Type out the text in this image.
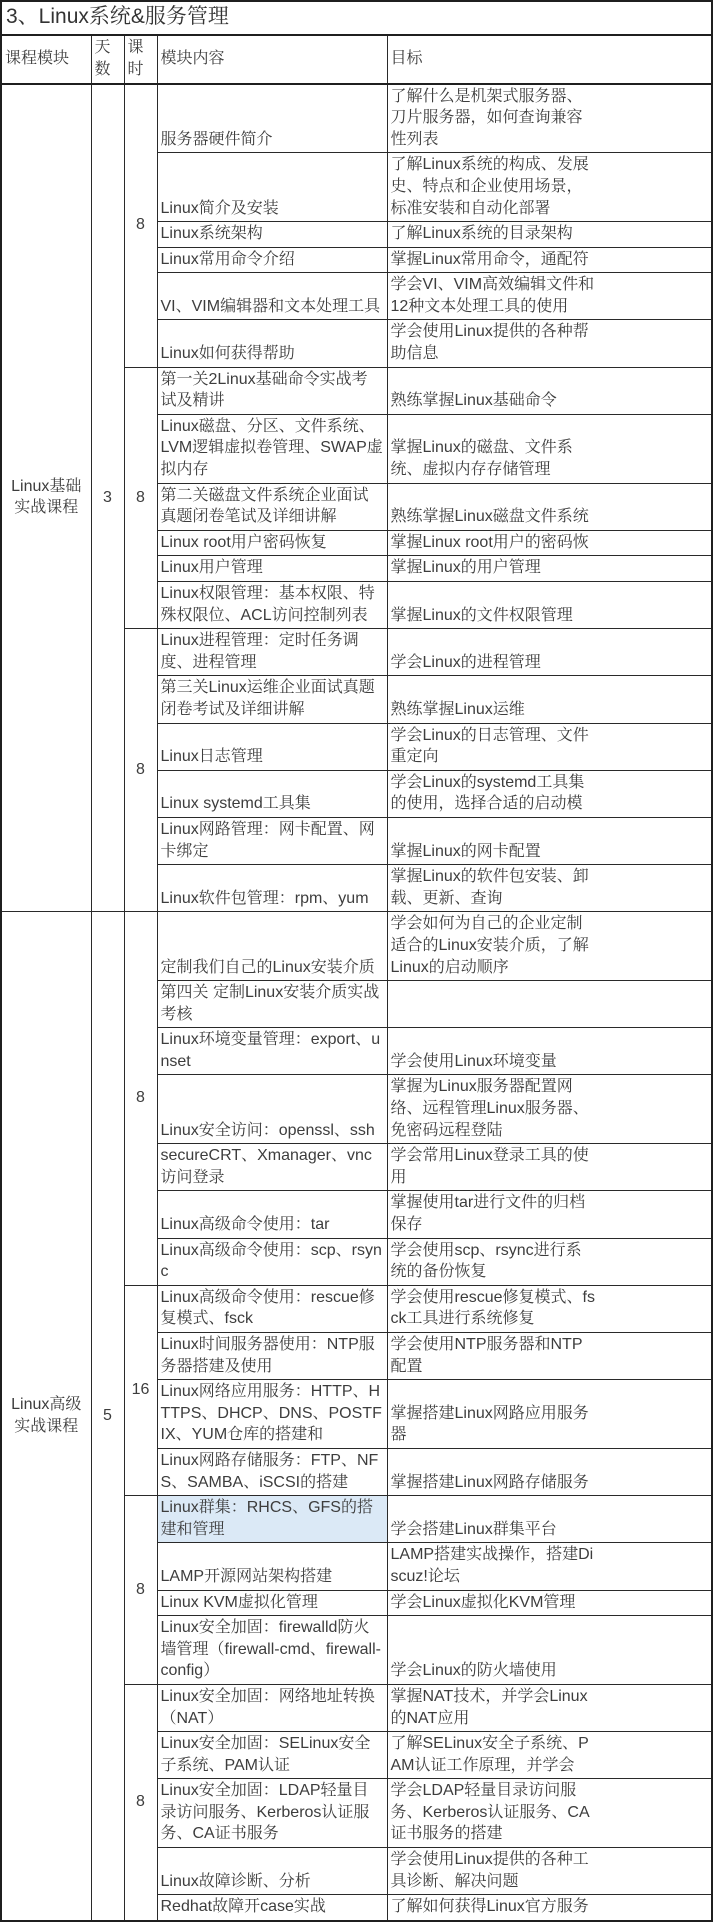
3、Linux系统&服务管理				
课程模块	天数	课时	模块内容	目标
Linux基础实战课程	3	8	服务器硬件简介	了解什么是机架式服务器、刀片服务器，如何查询兼容性列表

			Linux简介及安装	了解Linux系统的构成、发展史、特点和企业使用场景，标准安装和自动化部署

			Linux系统架构	了解Linux系统的目录架构

			Linux常用命令介绍	掌握Linux常用命令，通配符

			VI、VIM编辑器和文本处理工具	学会VI、VIM高效编辑文件和12种文本处理工具的使用

			Linux如何获得帮助	学会使用Linux提供的各种帮助信息

		8	第一关2Linux基础命令实战考试及精讲	熟练掌握Linux基础命令

			Linux磁盘、分区、文件系统、LVM逻辑虚拟卷管理、SWAP虚拟内存	掌握Linux的磁盘、文件系统、虚拟内存存储管理

			第二关磁盘文件系统企业面试真题闭卷笔试及详细讲解	熟练掌握Linux磁盘文件系统

			Linux root用户密码恢复	掌握Linux root用户的密码恢

			Linux用户管理	掌握Linux的用户管理

			Linux权限管理：基本权限、特殊权限位、ACL访问控制列表	掌握Linux的文件权限管理

		8	Linux进程管理：定时任务调度、进程管理	学会Linux的进程管理

			第三关Linux运维企业面试真题闭卷考试及详细讲解	熟练掌握Linux运维

			Linux日志管理	学会Linux的日志管理、文件重定向

			Linux systemd工具集	学会Linux的systemd工具集的使用，选择合适的启动模

			Linux网路管理：网卡配置、网卡绑定	掌握Linux的网卡配置

			Linux软件包管理：rpm、yum	掌握Linux的软件包安装、卸载、更新、查询

Linux高级实战课程	5	8	定制我们自己的Linux安装介质	学会如何为自己的企业定制适合的Linux安装介质，了解Linux的启动顺序

			第四关 定制Linux安装介质实战考核	

			Linux环境变量管理：export、unset	学会使用Linux环境变量

			Linux安全访问：openssl、ssh	掌握为Linux服务器配置网络、远程管理Linux服务器、免密码远程登陆

			secureCRT、Xmanager、vnc访问登录	学会常用Linux登录工具的使用

			Linux高级命令使用：tar	掌握使用tar进行文件的归档保存

			Linux高级命令使用：scp、rsync	学会使用scp、rsync进行系统的备份恢复

		16	Linux高级命令使用：rescue修复模式、fsck	学会使用rescue修复模式、fsck工具进行系统修复

			Linux时间服务器使用：NTP服务器搭建及使用	学会使用NTP服务器和NTP配置

			Linux网络应用服务：HTTP、HTTPS、DHCP、DNS、POSTFIX、YUM仓库的搭建和	掌握搭建Linux网路应用服务器

			Linux网路存储服务：FTP、NFS、SAMBA、iSCSI的搭建	掌握搭建Linux网路存储服务

		8	Linux群集：RHCS、GFS的搭建和管理	学会搭建Linux群集平台

			LAMP开源网站架构搭建	LAMP搭建实战操作，搭建Discuz!论坛

			Linux KVM虚拟化管理	学会Linux虚拟化KVM管理

			Linux安全加固：firewalld防火墙管理（firewall-cmd、firewall-config）	学会Linux的防火墙使用

		8	Linux安全加固：网络地址转换（NAT）	掌握NAT技术，并学会Linux的NAT应用

			Linux安全加固：SELinux安全子系统、PAM认证	了解SELinux安全子系统、PAM认证工作原理，并学会

			Linux安全加固：LDAP轻量目录访问服务、Kerberos认证服务、CA证书服务	学会LDAP轻量目录访问服务、Kerberos认证服务、CA证书服务的搭建

			Linux故障诊断、分析	学会使用Linux提供的各种工具诊断、解决问题

			Redhat故障开case实战	了解如何获得Linux官方服务
